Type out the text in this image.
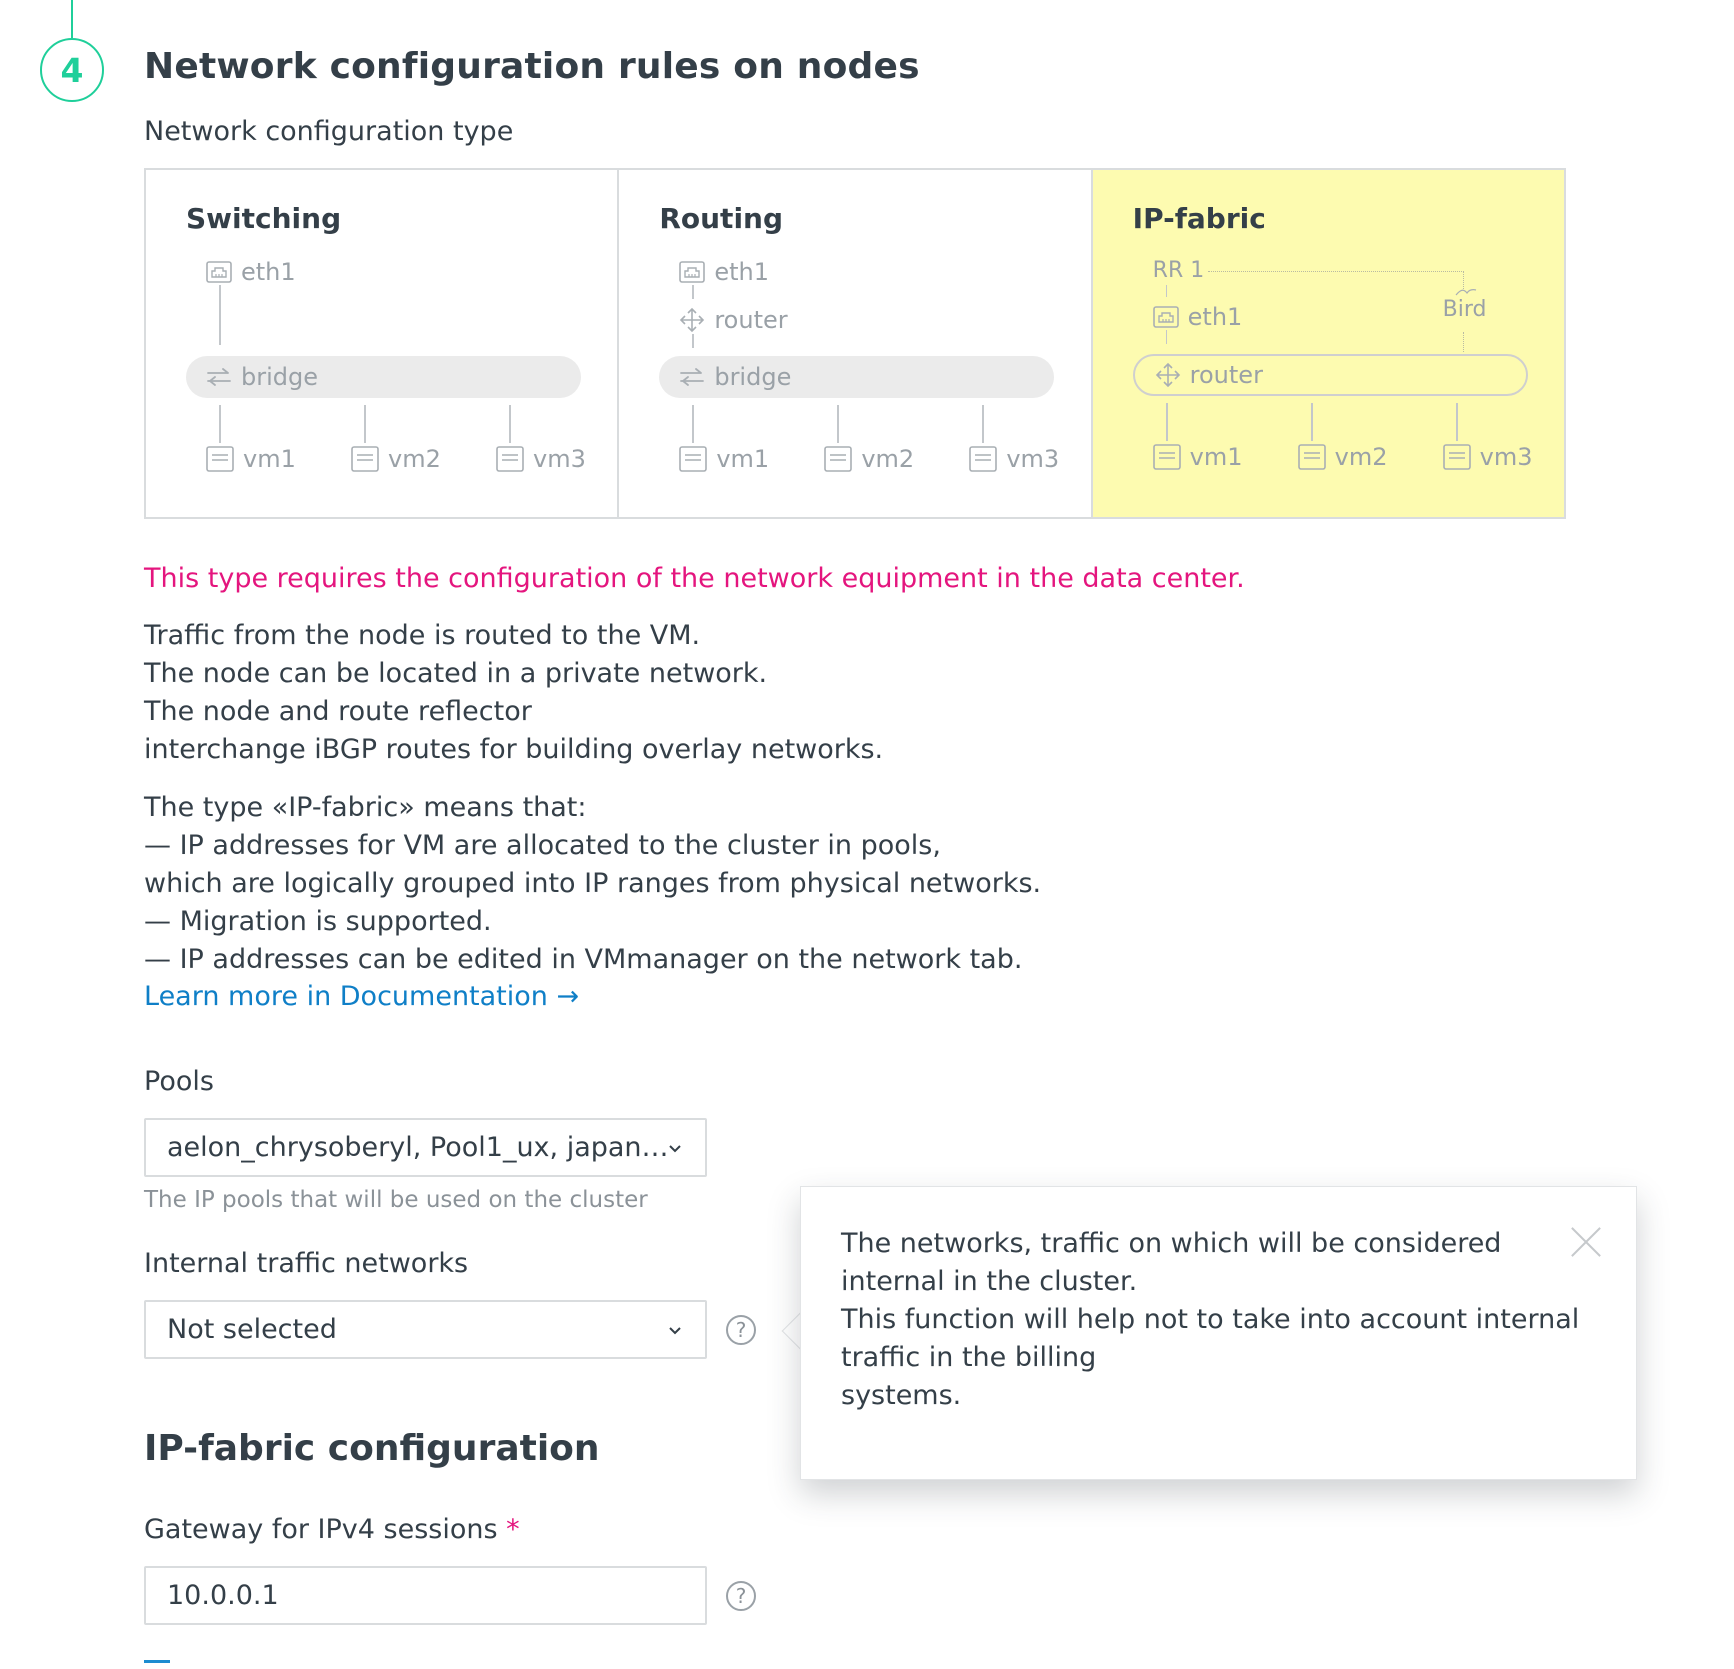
4	Network configuration rules on nodes
Network configuration type
Switching
eth1
bridge
vm1	vm2	vm3
Routing
eth1
router
bridge
vm1	vm2	vm3
IP-fabric
RR 1
eth1	Bird
router
vm1	vm2	vm3
This type requires the configuration of the network equipment in the data center.
Traffic from the node is routed to the VM.
The node can be located in a private network.
The node and route reflector
interchange iBGP routes for building overlay networks.
The type «IP-fabric» means that:
— IP addresses for VM are allocated to the cluster in pools,
which are logically grouped into IP ranges from physical networks.
— Migration is supported.
— IP addresses can be edited in VMmanager on the network tab.
Learn more in Documentation →
Pools
aelon_chrysoberyl, Pool1_ux, japan…
The IP pools that will be used on the cluster
Internal traffic networks
Not selected	?
IP-fabric configuration
Gateway for IPv4 sessions *
10.0.0.1	?
The networks, traffic on which will be considered
internal in the cluster.
This function will help not to take into account internal
traffic in the billing
systems.
